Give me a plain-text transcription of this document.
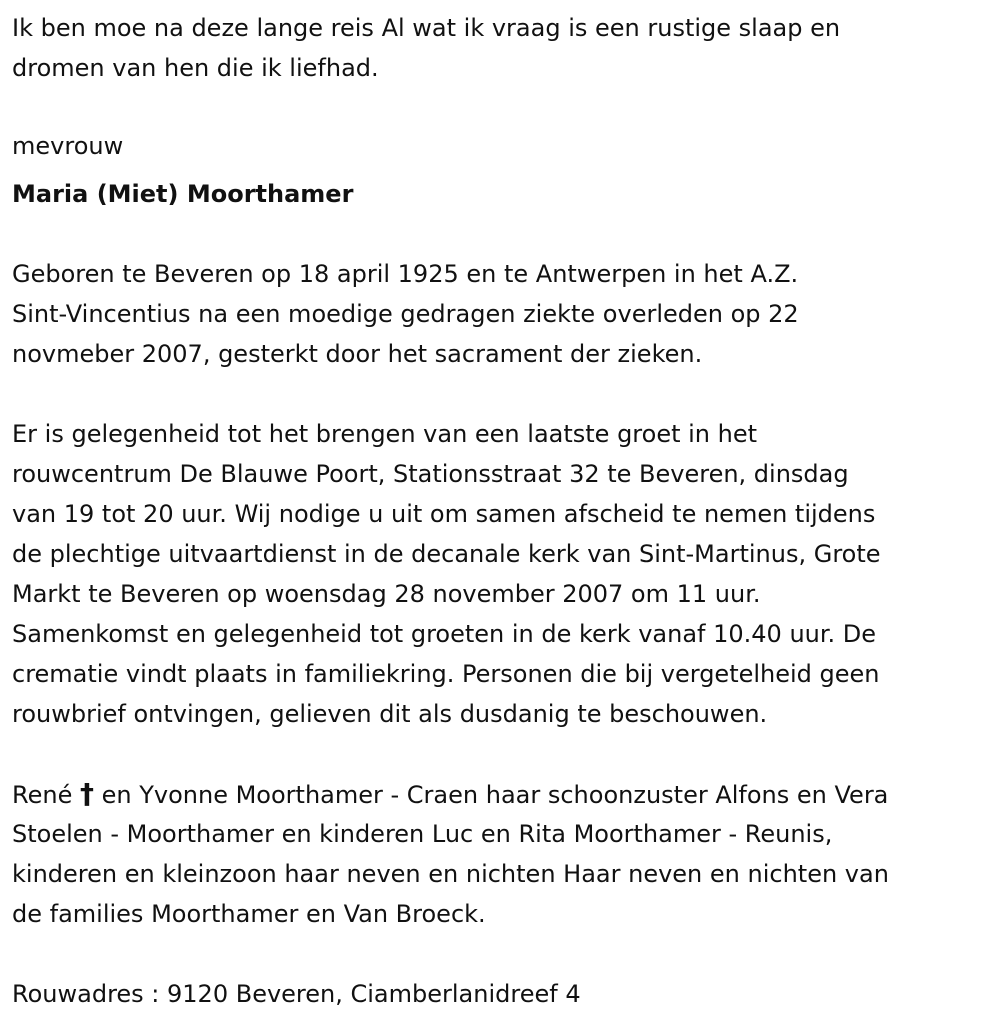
Ik ben moe na deze lange reis Al wat ik vraag is een rustige slaap en
dromen van hen die ik liefhad.
mevrouw
Maria (Miet) Moorthamer
Geboren te Beveren op 18 april 1925 en te Antwerpen in het A.Z.
Sint-Vincentius na een moedige gedragen ziekte overleden op 22
novmeber 2007, gesterkt door het sacrament der zieken.
Er is gelegenheid tot het brengen van een laatste groet in het
rouwcentrum De Blauwe Poort, Stationsstraat 32 te Beveren, dinsdag
van 19 tot 20 uur. Wij nodige u uit om samen afscheid te nemen tijdens
de plechtige uitvaartdienst in de decanale kerk van Sint-Martinus, Grote
Markt te Beveren op woensdag 28 november 2007 om 11 uur.
Samenkomst en gelegenheid tot groeten in de kerk vanaf 10.40 uur. De
crematie vindt plaats in familiekring. Personen die bij vergetelheid geen
rouwbrief ontvingen, gelieven dit als dusdanig te beschouwen.
René † en Yvonne Moorthamer - Craen haar schoonzuster Alfons en Vera
Stoelen - Moorthamer en kinderen Luc en Rita Moorthamer - Reunis,
kinderen en kleinzoon haar neven en nichten Haar neven en nichten van
de families Moorthamer en Van Broeck.
Rouwadres : 9120 Beveren, Ciamberlanidreef 4
